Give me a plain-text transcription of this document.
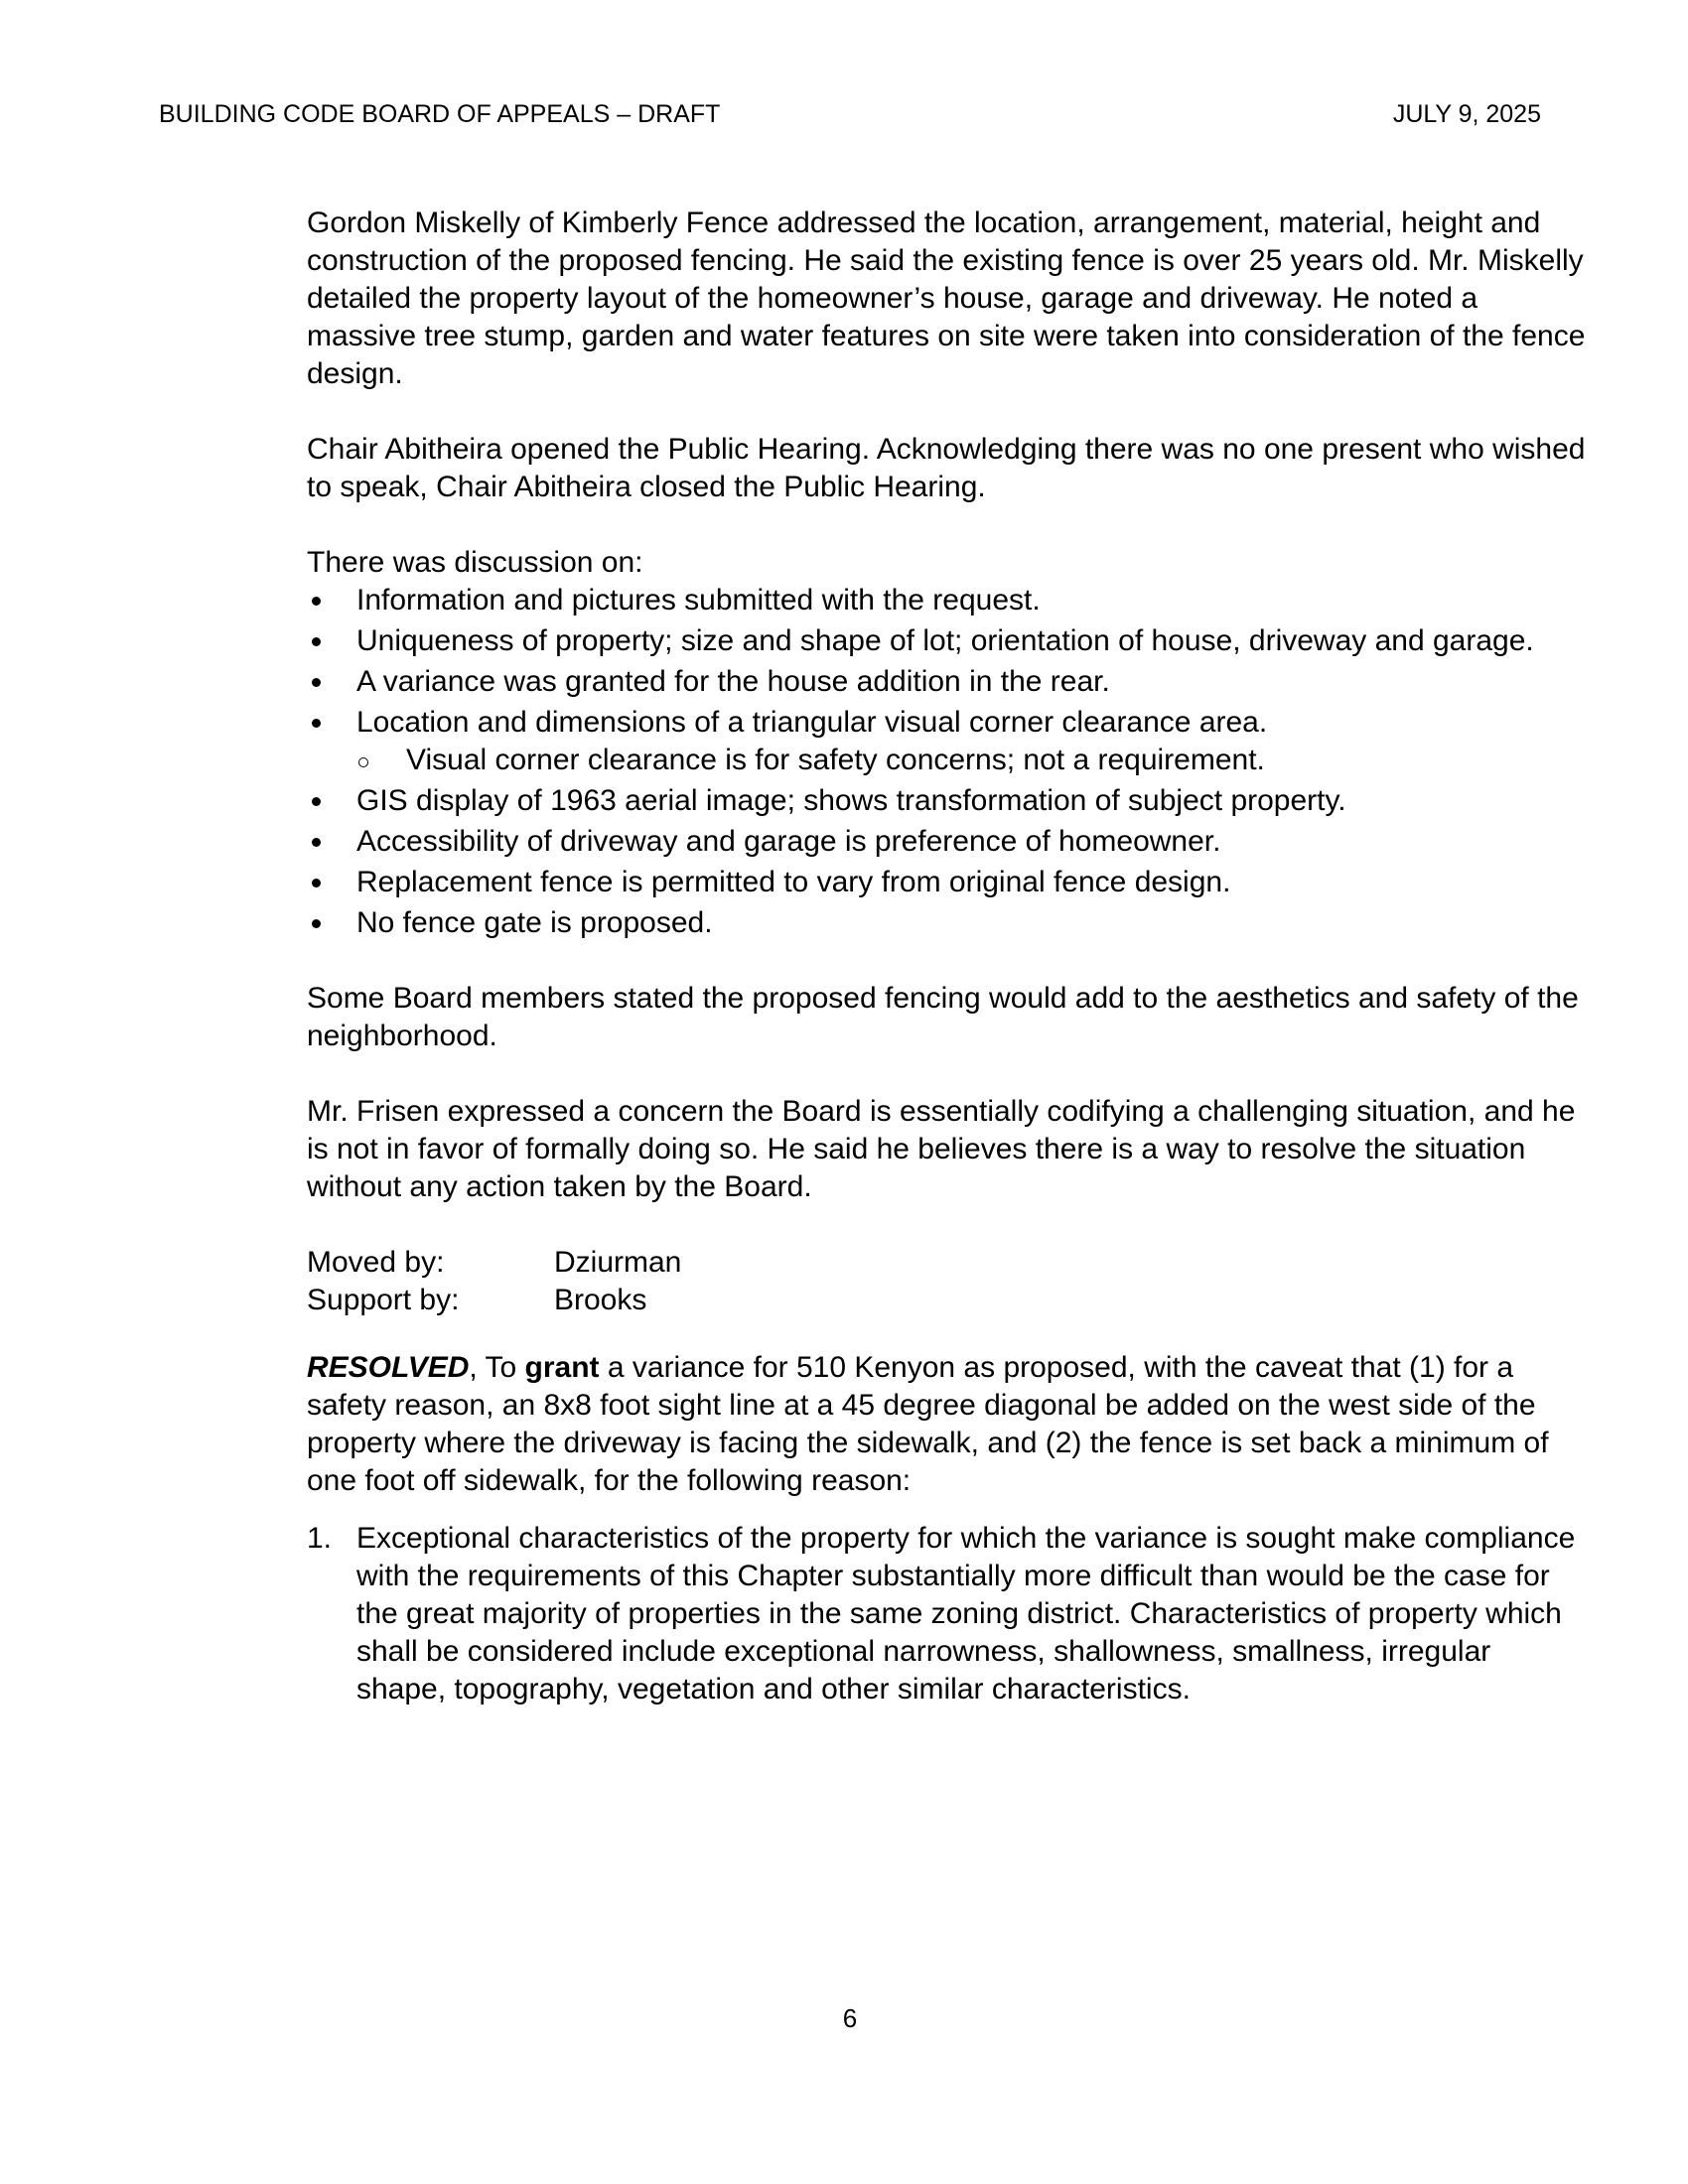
BUILDING CODE BOARD OF APPEALS – DRAFT	JULY 9, 2025

Gordon Miskelly of Kimberly Fence addressed the location, arrangement, material, height and construction of the proposed fencing. He said the existing fence is over 25 years old. Mr. Miskelly detailed the property layout of the homeowner’s house, garage and driveway. He noted a massive tree stump, garden and water features on site were taken into consideration of the fence design.

Chair Abitheira opened the Public Hearing. Acknowledging there was no one present who wished to speak, Chair Abitheira closed the Public Hearing.

There was discussion on:

Information and pictures submitted with the request.
Uniqueness of property; size and shape of lot; orientation of house, driveway and garage.
A variance was granted for the house addition in the rear.
Location and dimensions of a triangular visual corner clearance area.
Visual corner clearance is for safety concerns; not a requirement.
GIS display of 1963 aerial image; shows transformation of subject property.
Accessibility of driveway and garage is preference of homeowner.
Replacement fence is permitted to vary from original fence design.
No fence gate is proposed.

Some Board members stated the proposed fencing would add to the aesthetics and safety of the neighborhood.

Mr. Frisen expressed a concern the Board is essentially codifying a challenging situation, and he is not in favor of formally doing so. He said he believes there is a way to resolve the situation without any action taken by the Board.

Moved by:	Dziurman
Support by:	Brooks

RESOLVED, To grant a variance for 510 Kenyon as proposed, with the caveat that (1) for a safety reason, an 8x8 foot sight line at a 45 degree diagonal be added on the west side of the property where the driveway is facing the sidewalk, and (2) the fence is set back a minimum of one foot off sidewalk, for the following reason:

1. Exceptional characteristics of the property for which the variance is sought make compliance with the requirements of this Chapter substantially more difficult than would be the case for the great majority of properties in the same zoning district. Characteristics of property which shall be considered include exceptional narrowness, shallowness, smallness, irregular shape, topography, vegetation and other similar characteristics.
6
